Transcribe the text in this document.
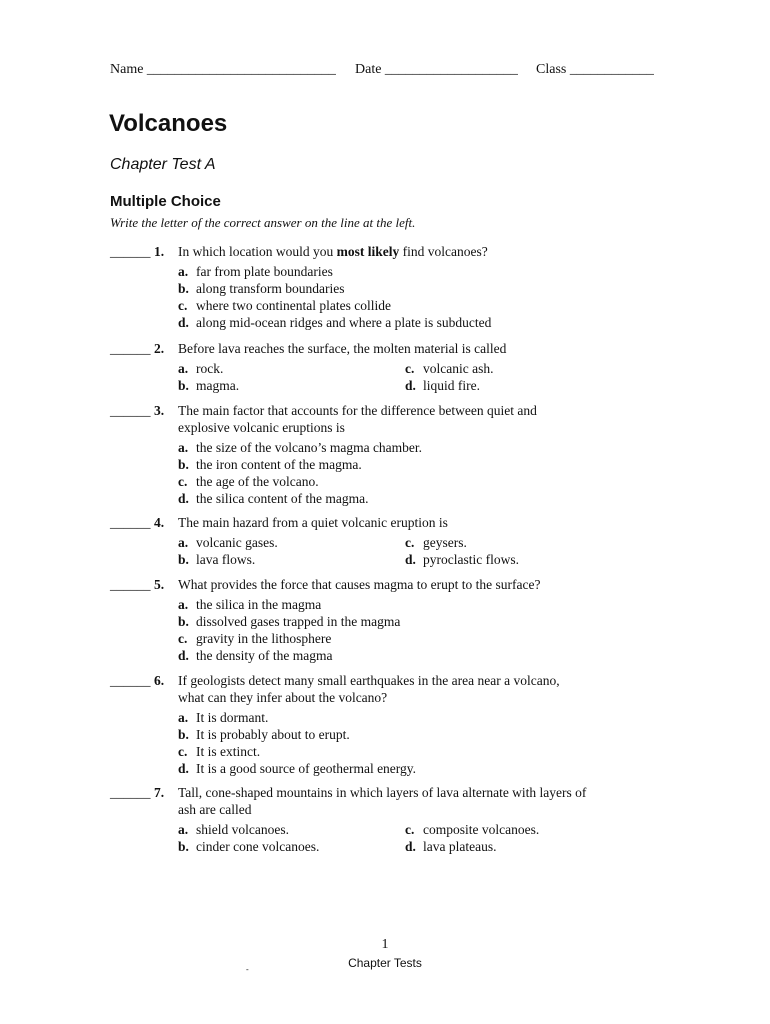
Name ___________________________ Date ___________________ Class ____________
Volcanoes
Chapter Test A
Multiple Choice
Write the letter of the correct answer on the line at the left.
______ 1. In which location would you most likely find volcanoes?
a. far from plate boundaries
b. along transform boundaries
c. where two continental plates collide
d. along mid-ocean ridges and where a plate is subducted
______ 2. Before lava reaches the surface, the molten material is called
a. rock.	c. volcanic ash.
b. magma.	d. liquid fire.
______ 3. The main factor that accounts for the difference between quiet and explosive volcanic eruptions is
a. the size of the volcano’s magma chamber.
b. the iron content of the magma.
c. the age of the volcano.
d. the silica content of the magma.
______ 4. The main hazard from a quiet volcanic eruption is
a. volcanic gases.	c. geysers.
b. lava flows.	d. pyroclastic flows.
______ 5. What provides the force that causes magma to erupt to the surface?
a. the silica in the magma
b. dissolved gases trapped in the magma
c. gravity in the lithosphere
d. the density of the magma
______ 6. If geologists detect many small earthquakes in the area near a volcano, what can they infer about the volcano?
a. It is dormant.
b. It is probably about to erupt.
c. It is extinct.
d. It is a good source of geothermal energy.
______ 7. Tall, cone-shaped mountains in which layers of lava alternate with layers of ash are called
a. shield volcanoes.	c. composite volcanoes.
b. cinder cone volcanoes.	d. lava plateaus.
1
Chapter Tests
-
